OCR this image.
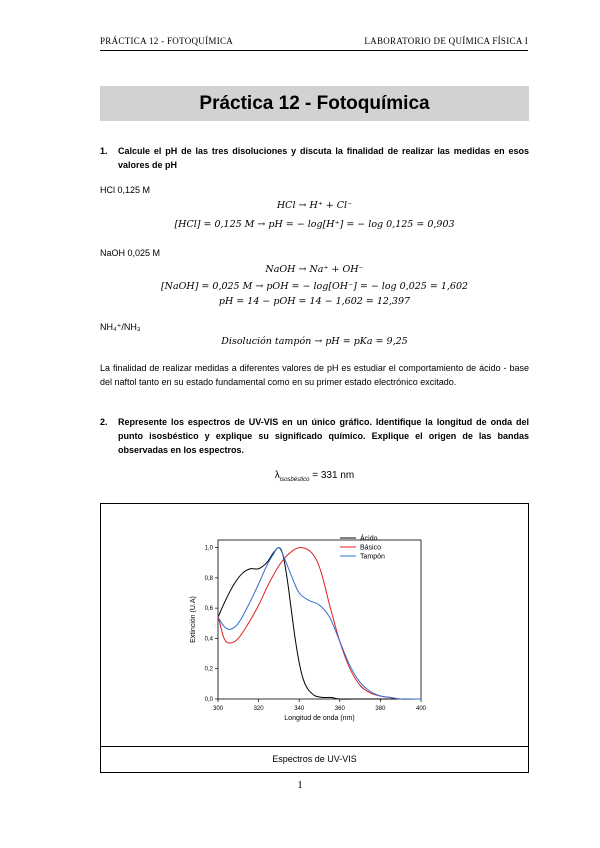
PRÁCTICA 12 - FOTOQUÍMICA	LABORATORIO DE QUÍMICA FÍSICA I
Práctica 12 - Fotoquímica
1.	Calcule el pH de las tres disoluciones y discuta la finalidad de realizar las medidas en esos valores de pH
HCl 0,125 M
HCl → H⁺ + Cl⁻
[HCl] = 0,125 M → pH = − log[H⁺] = − log 0,125 = 0,903
NaOH 0,025 M
NaOH → Na⁺ + OH⁻
[NaOH] = 0,025 M → pOH = − log[OH⁻] = − log 0,025 = 1,602
pH = 14 − pOH = 14 − 1,602 = 12,397
NH₄⁺/NH₃
Disolución tampón → pH = pKa = 9,25
La finalidad de realizar medidas a diferentes valores de pH es estudiar el comportamiento de ácido - base del naftol tanto en su estado fundamental como en su primer estado electrónico excitado.
2.	Represente los espectros de UV-VIS en un único gráfico. Identifique la longitud de onda del punto isosbéstico y explique su significado químico. Explique el origen de las bandas observadas en los espectros.
$\lambda_{isosbéstico} = 331$ nm
300	320	340	360	380	400
0,0
0,2
0,4
0,6
0,8
1,0
Longitud de onda (nm)
Extinción (U.A)
Ácido
Básico
Tampón
Espectros de UV-VIS
1
